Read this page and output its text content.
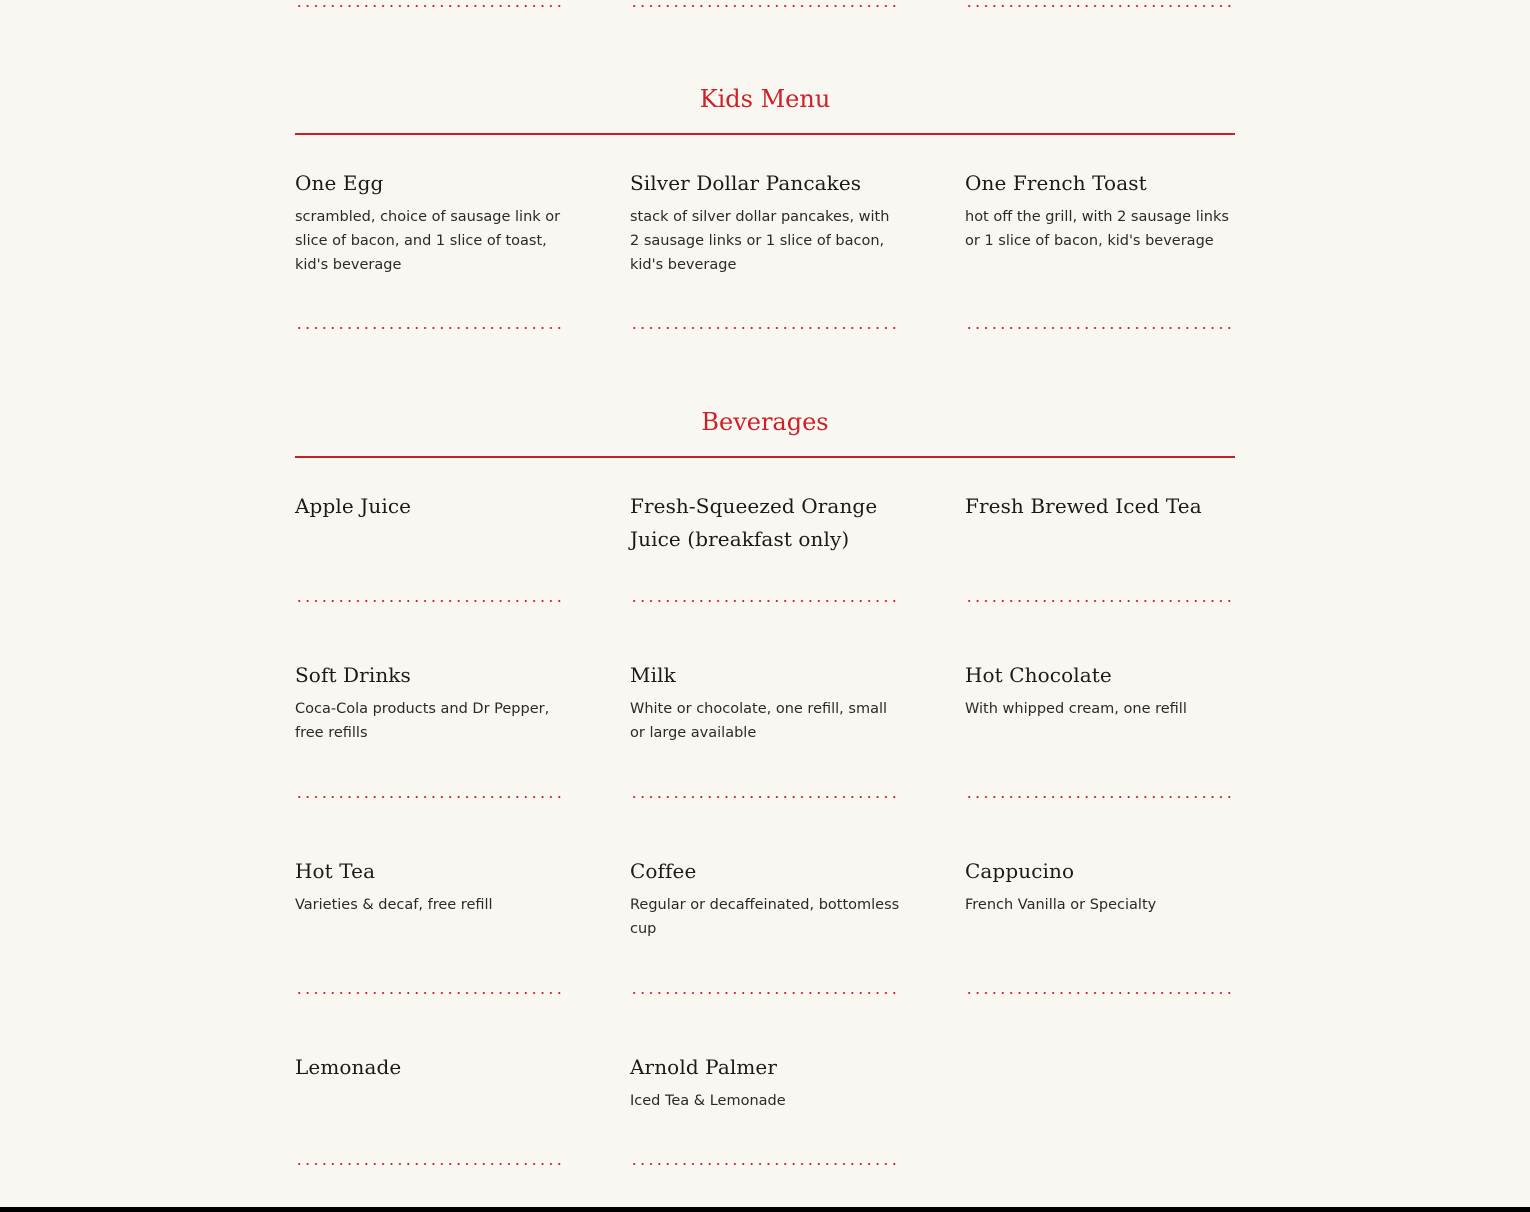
Kids Menu
One Egg
scrambled, choice of sausage link or slice of bacon, and 1 slice of toast, kid's beverage
Silver Dollar Pancakes
stack of silver dollar pancakes, with 2 sausage links or 1 slice of bacon, kid's beverage
One French Toast
hot off the grill, with 2 sausage links or 1 slice of bacon, kid's beverage
Beverages
Apple Juice	Fresh-Squeezed Orange Juice (breakfast only)
Fresh Brewed Iced Tea
Soft Drinks
Coca-Cola products and Dr Pepper, free refills
Milk
White or chocolate, one refill, small or large available
Hot Chocolate
With whipped cream, one refill
Hot Tea
Varieties & decaf, free refill
Coffee
Regular or decaffeinated, bottomless cup
Cappucino
French Vanilla or Specialty
Lemonade	Arnold Palmer
Iced Tea & Lemonade
